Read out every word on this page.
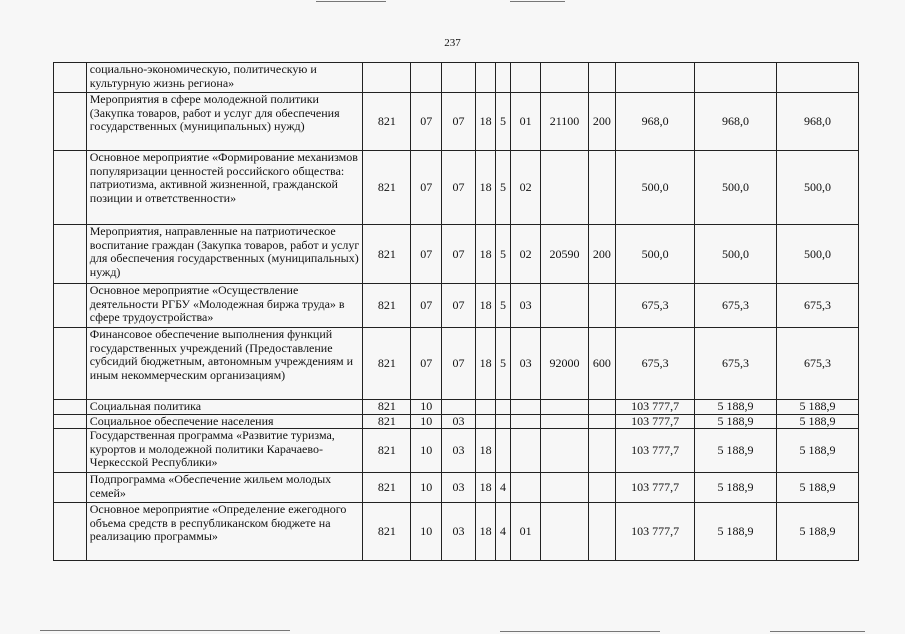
237
	социально-экономическую, политическую и культурную жизнь региона»											
	Мероприятия в сфере молодежной политики (Закупка товаров, работ и услуг для обеспечения государственных (муниципальных) нужд)	821	07	07	18	5	01	21100	200	968,0	968,0	968,0
	Основное мероприятие «Формирование механизмов популяризации ценностей российского общества: патриотизма, активной жизненной, гражданской позиции и ответственности»	821	07	07	18	5	02			500,0	500,0	500,0
	Мероприятия, направленные на патриотическое воспитание граждан (Закупка товаров, работ и услуг для обеспечения государственных (муниципальных) нужд)	821	07	07	18	5	02	20590	200	500,0	500,0	500,0
	Основное мероприятие «Осуществление деятельности РГБУ «Молодежная биржа труда» в сфере трудоустройства»	821	07	07	18	5	03			675,3	675,3	675,3
	Финансовое обеспечение выполнения функций государственных учреждений (Предоставление субсидий бюджетным, автономным учреждениям и иным некоммерческим организациям)	821	07	07	18	5	03	92000	600	675,3	675,3	675,3
	Социальная политика	821	10							103 777,7	5 188,9	5 188,9
	Социальное обеспечение населения	821	10	03						103 777,7	5 188,9	5 188,9
	Государственная программа «Развитие туризма, курортов и молодежной политики Карачаево-Черкесской Республики»	821	10	03	18					103 777,7	5 188,9	5 188,9
	Подпрограмма «Обеспечение жильем молодых семей»	821	10	03	18	4				103 777,7	5 188,9	5 188,9
	Основное мероприятие «Определение ежегодного объема средств в республиканском бюджете на реализацию программы»	821	10	03	18	4	01			103 777,7	5 188,9	5 188,9
